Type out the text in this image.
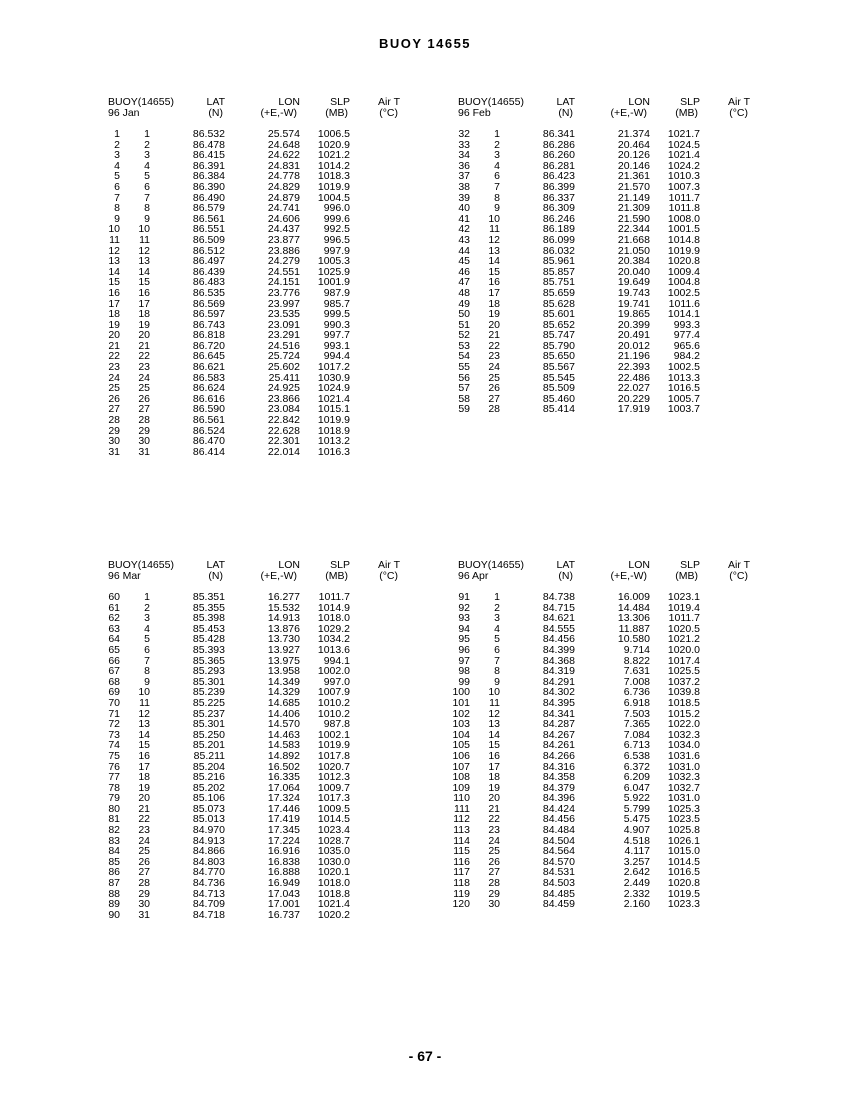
BUOY 14655
BUOY(14655)
96 Jan
LAT
(N)
LON
(+E,-W)
SLP
(MB)
Air T
(°C)
1	1	86.532	25.574	1006.5
2	2	86.478	24.648	1020.9
3	3	86.415	24.622	1021.2
4	4	86.391	24.831	1014.2
5	5	86.384	24.778	1018.3
6	6	86.390	24.829	1019.9
7	7	86.490	24.879	1004.5
8	8	86.579	24.741	996.0
9	9	86.561	24.606	999.6
10	10	86.551	24.437	992.5
11	11	86.509	23.877	996.5
12	12	86.512	23.886	997.9
13	13	86.497	24.279	1005.3
14	14	86.439	24.551	1025.9
15	15	86.483	24.151	1001.9
16	16	86.535	23.776	987.9
17	17	86.569	23.997	985.7
18	18	86.597	23.535	999.5
19	19	86.743	23.091	990.3
20	20	86.818	23.291	997.7
21	21	86.720	24.516	993.1
22	22	86.645	25.724	994.4
23	23	86.621	25.602	1017.2
24	24	86.583	25.411	1030.9
25	25	86.624	24.925	1024.9
26	26	86.616	23.866	1021.4
27	27	86.590	23.084	1015.1
28	28	86.561	22.842	1019.9
29	29	86.524	22.628	1018.9
30	30	86.470	22.301	1013.2
31	31	86.414	22.014	1016.3
BUOY(14655)
96 Feb
LAT
(N)
LON
(+E,-W)
SLP
(MB)
Air T
(°C)
32	1	86.341	21.374	1021.7
33	2	86.286	20.464	1024.5
34	3	86.260	20.126	1021.4
36	4	86.281	20.146	1024.2
37	6	86.423	21.361	1010.3
38	7	86.399	21.570	1007.3
39	8	86.337	21.149	1011.7
40	9	86.309	21.309	1011.8
41	10	86.246	21.590	1008.0
42	11	86.189	22.344	1001.5
43	12	86.099	21.668	1014.8
44	13	86.032	21.050	1019.9
45	14	85.961	20.384	1020.8
46	15	85.857	20.040	1009.4
47	16	85.751	19.649	1004.8
48	17	85.659	19.743	1002.5
49	18	85.628	19.741	1011.6
50	19	85.601	19.865	1014.1
51	20	85.652	20.399	993.3
52	21	85.747	20.491	977.4
53	22	85.790	20.012	965.6
54	23	85.650	21.196	984.2
55	24	85.567	22.393	1002.5
56	25	85.545	22.486	1013.3
57	26	85.509	22.027	1016.5
58	27	85.460	20.229	1005.7
59	28	85.414	17.919	1003.7
BUOY(14655)
96 Mar
LAT
(N)
LON
(+E,-W)
SLP
(MB)
Air T
(°C)
60	1	85.351	16.277	1011.7
61	2	85.355	15.532	1014.9
62	3	85.398	14.913	1018.0
63	4	85.453	13.876	1029.2
64	5	85.428	13.730	1034.2
65	6	85.393	13.927	1013.6
66	7	85.365	13.975	994.1
67	8	85.293	13.958	1002.0
68	9	85.301	14.349	997.0
69	10	85.239	14.329	1007.9
70	11	85.225	14.685	1010.2
71	12	85.237	14.406	1010.2
72	13	85.301	14.570	987.8
73	14	85.250	14.463	1002.1
74	15	85.201	14.583	1019.9
75	16	85.211	14.892	1017.8
76	17	85.204	16.502	1020.7
77	18	85.216	16.335	1012.3
78	19	85.202	17.064	1009.7
79	20	85.106	17.324	1017.3
80	21	85.073	17.446	1009.5
81	22	85.013	17.419	1014.5
82	23	84.970	17.345	1023.4
83	24	84.913	17.224	1028.7
84	25	84.866	16.916	1035.0
85	26	84.803	16.838	1030.0
86	27	84.770	16.888	1020.1
87	28	84.736	16.949	1018.0
88	29	84.713	17.043	1018.8
89	30	84.709	17.001	1021.4
90	31	84.718	16.737	1020.2
BUOY(14655)
96 Apr
LAT
(N)
LON
(+E,-W)
SLP
(MB)
Air T
(°C)
91	1	84.738	16.009	1023.1
92	2	84.715	14.484	1019.4
93	3	84.621	13.306	1011.7
94	4	84.555	11.887	1020.5
95	5	84.456	10.580	1021.2
96	6	84.399	9.714	1020.0
97	7	84.368	8.822	1017.4
98	8	84.319	7.631	1025.5
99	9	84.291	7.008	1037.2
100	10	84.302	6.736	1039.8
101	11	84.395	6.918	1018.5
102	12	84.341	7.503	1015.2
103	13	84.287	7.365	1022.0
104	14	84.267	7.084	1032.3
105	15	84.261	6.713	1034.0
106	16	84.266	6.538	1031.6
107	17	84.316	6.372	1031.0
108	18	84.358	6.209	1032.3
109	19	84.379	6.047	1032.7
110	20	84.396	5.922	1031.0
111	21	84.424	5.799	1025.3
112	22	84.456	5.475	1023.5
113	23	84.484	4.907	1025.8
114	24	84.504	4.518	1026.1
115	25	84.564	4.117	1015.0
116	26	84.570	3.257	1014.5
117	27	84.531	2.642	1016.5
118	28	84.503	2.449	1020.8
119	29	84.485	2.332	1019.5
120	30	84.459	2.160	1023.3
- 67 -
